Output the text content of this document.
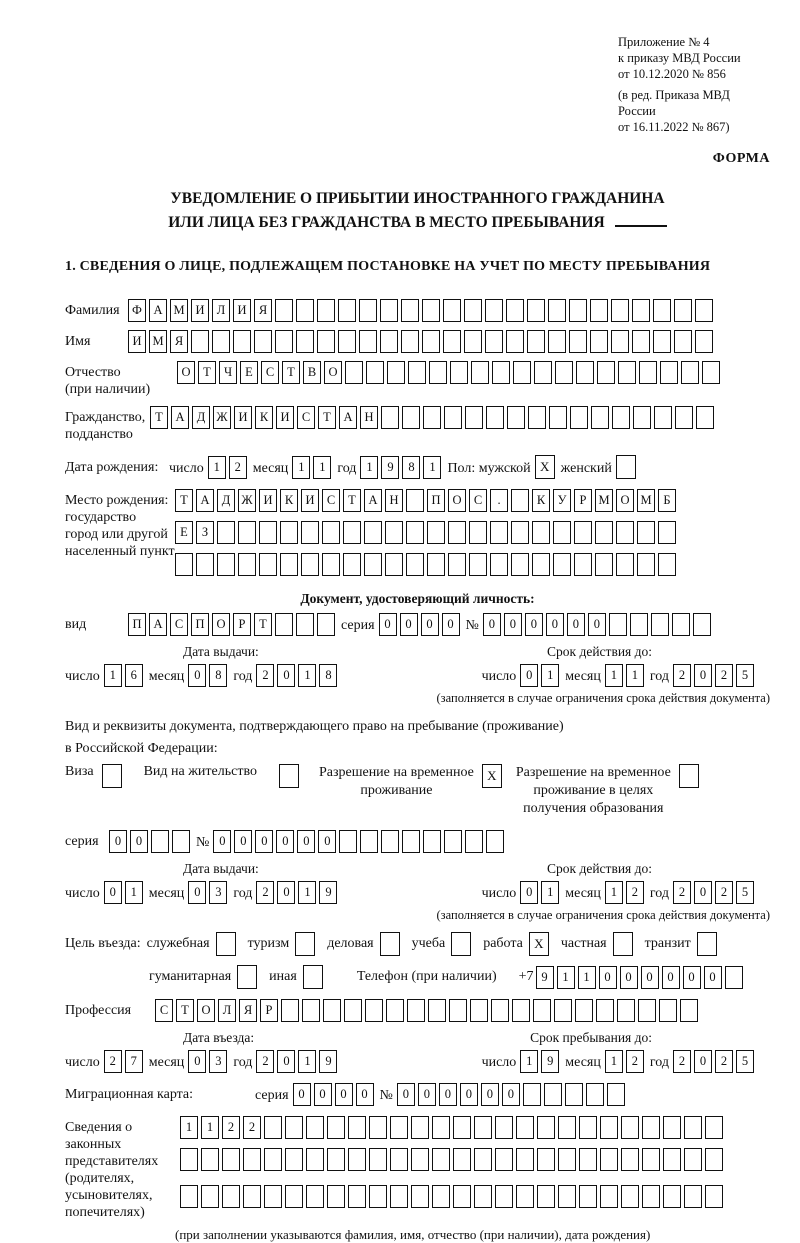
Приложение № 4
к приказу МВД России
от 10.12.2020 № 856
(в ред. Приказа МВД России
от 16.11.2022 № 867)
ФОРМА
УВЕДОМЛЕНИЕ О ПРИБЫТИИ ИНОСТРАННОГО ГРАЖДАНИНА
ИЛИ ЛИЦА БЕЗ ГРАЖДАНСТВА В МЕСТО ПРЕБЫВАНИЯ
1. СВЕДЕНИЯ О ЛИЦЕ, ПОДЛЕЖАЩЕМ ПОСТАНОВКЕ НА УЧЕТ ПО МЕСТУ ПРЕБЫВАНИЯ
Фамилия	Ф А М И Л И Я
Имя	И М Я
Отчество
(при наличии)
О	Т	Ч	Е	С	Т	В О
Гражданство,
подданство
Т	А Д Ж И К И С	Т	А Н
Дата рождения: число 1	2 месяц 1	1 год 1	9	8	1 Пол: мужской X женский
Место рождения:
государство
город или другой
населенный пункт
Т	А Д Ж И К И С	Т	А Н	П О С	.	К У	Р М О М Б

Е	З

Документ, удостоверяющий личность:
вид	П А С П О	Р	Т	серия 0	0	0	0 № 0	0	0	0	0	0
Дата выдачи:	Срок действия до:
число 1	6 месяц 0	8 год 2	0	1	8	число 0	1 месяц 1	1 год 2	0	2	5
(заполняется в случае ограничения срока действия документа)
Вид и реквизиты документа, подтверждающего право на пребывание (проживание)
в Российской Федерации:
Виза	Вид на жительство	Разрешение на временное
проживание
X	Разрешение на временное
проживание в целях
получения образования
серия	0	0	№ 0	0	0	0	0	0
Дата выдачи:	Срок действия до:
число 0	1 месяц 0	3 год 2	0	1	9	число 0	1 месяц 1	2 год 2	0	2	5
(заполняется в случае ограничения срока действия документа)
Цель въезда: служебная	туризм	деловая	учеба	работа X	частная	транзит
гуманитарная	иная	Телефон (при наличии)	+7 9	1	1	0	0	0	0	0	0
Профессия	С	Т	О Л	Я	Р
Дата въезда:	Срок пребывания до:
число 2	7 месяц 0	3 год 2	0	1	9	число 1	9 месяц 1	2 год 2	0	2	5
Миграционная карта:	серия 0	0	0	0 № 0	0	0	0	0	0
Сведения о
законных
представителях
(родителях,
усыновителях,
попечителях)
1	1	2	2

(при заполнении указываются фамилия, имя, отчество (при наличии), дата рождения)
